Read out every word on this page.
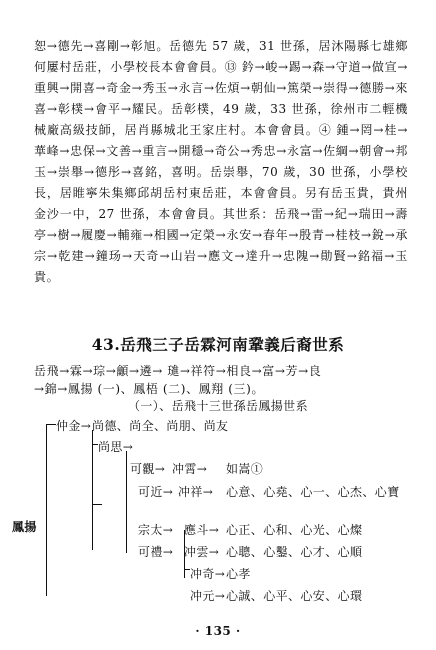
恕→德先→喜剛→彰旭。岳德先 57 歲，31 世孫，居沐陽縣七雄鄉何屢村岳莊，小學校長本會會員。⑬ 鈐→峻→踢→森→守道→做宣→重興→開喜→奇金→秀玉→永言→佐煩→朝仙→篤榮→崇得→德勝→來喜→彰樸→會平→耀民。岳彰樸，49 歲，33 世孫，徐州市二輕機械廠高級技師，居肖縣城北王家庄村。本會會員。④ 鍾→罔→桂→華峰→忠保→文善→重言→開穩→奇公→秀忠→永富→佐綱→朝會→邦玉→崇舉→德彤→喜銘，喜明。岳崇舉，70 歲，30 世孫，小學校長，居睢寧朱集鄉邱胡岳村東岳莊，本會會員。另有岳玉貴，貴州金沙一中，27 世孫，本會會員。其世系：岳飛→雷→紀→瑞田→壽亭→樹→履慶→輔雍→相國→定榮→永安→春年→殷青→桂枝→銳→承宗→乾建→鐘玚→天奇→山岩→應文→達升→忠隗→勛賢→銘福→玉貴。

43.岳飛三子岳霖河南鞏義后裔世系
岳飛→霖→琮→龥→遴→ 璡→祥符→相良→富→芳→良
→錦→鳳揚 (一)、鳳梧 (二)、鳳翔 (三)。
（一）、岳飛十三世孫岳鳳揚世系
鳳揚
仲金→ 尚德、尚全、尚朋、尚友
尚思→
可觀→ 冲霄→ 如嵩①
可近→ 冲祥→ 心意、心堯、心一、心杰、心寶
宗太→ 應斗→ 心正、心和、心光、心燦
可禮→ 冲雲→ 心聰、心鑿、心才、心順
冲奇→ 心孝
冲元→ 心誠、心平、心安、心環
· 135 ·
